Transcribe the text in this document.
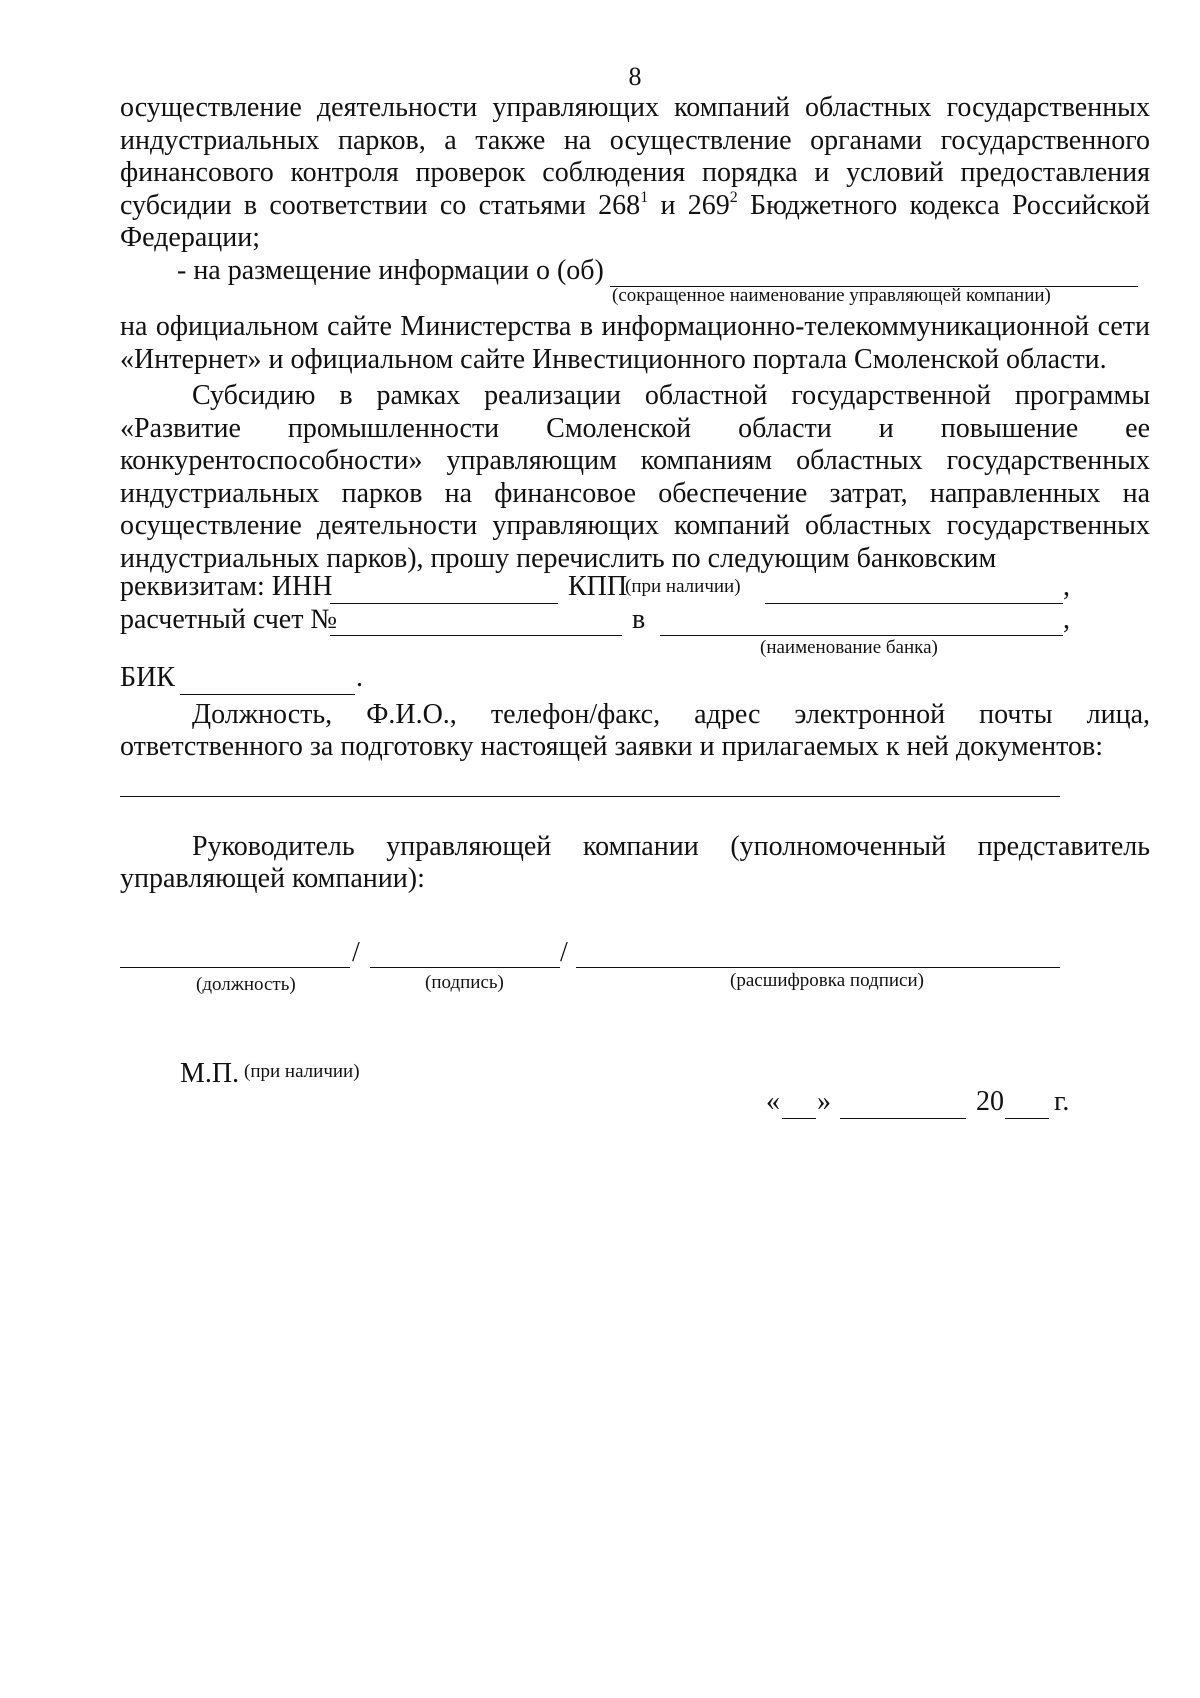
8
осуществление деятельности управляющих компаний областных государственных индустриальных парков, а также на осуществление органами государственного финансового контроля проверок соблюдения порядка и условий предоставления субсидии в соответствии со статьями $268^1$ и $269^2$ Бюджетного кодекса Российской Федерации;
- на размещение информации о (об)
(сокращенное наименование управляющей компании)
на официальном сайте Министерства в информационно-телекоммуникационной сети «Интернет» и официальном сайте Инвестиционного портала Смоленской области.
Субсидию в рамках реализации областной государственной программы «Развитие промышленности Смоленской области и повышение ее конкурентоспособности» управляющим компаниям областных государственных индустриальных парков на финансовое обеспечение затрат, направленных на осуществление деятельности управляющих компаний областных государственных индустриальных парков), прошу перечислить по следующим банковским
реквизитам: ИНН	КПП
(при наличии)	,
расчетный счет №	в	,
(наименование банка)
БИК	.
Должность, Ф.И.О., телефон/факс, адрес электронной почты лица, ответственного за подготовку настоящей заявки и прилагаемых к ней документов:
Руководитель управляющей компании (уполномоченный представитель управляющей компании):
/	/
(должность)	(подпись)	(расшифровка подписи)
М.П. (при наличии)
« »	20 г.
